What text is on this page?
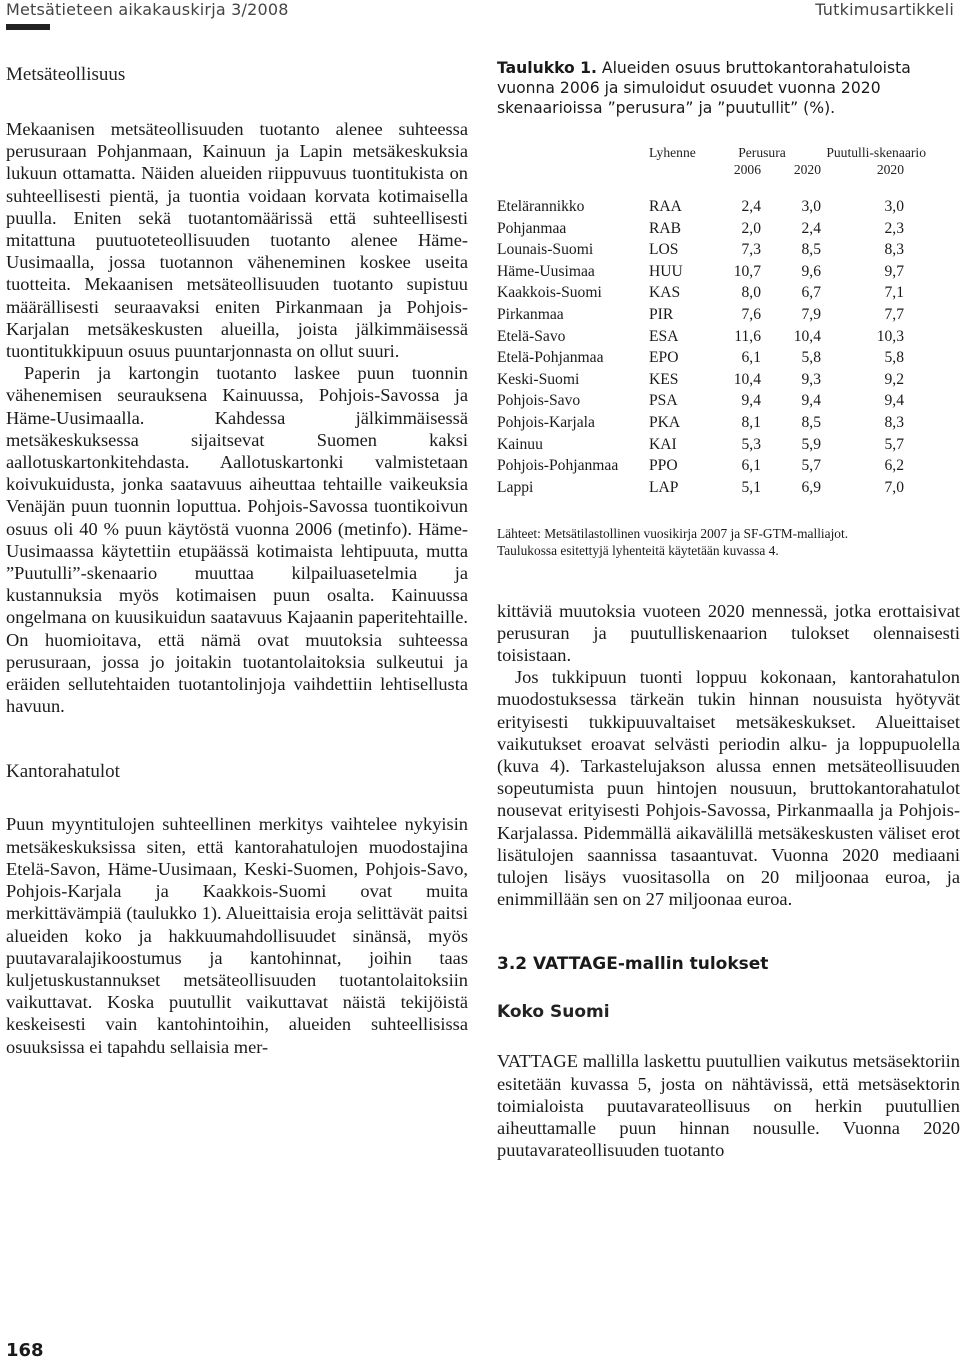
Metsätieteen aikakauskirja 3/2008	Tutkimusartikkeli
Metsäteollisuus

Mekaanisen metsäteollisuuden tuotanto alenee suhteessa perusuraan Pohjanmaan, Kainuun ja Lapin metsäkeskuksia lukuun ottamatta. Näiden alueiden riippuvuus tuontitukista on suhteellisesti pientä, ja tuontia voidaan korvata kotimaisella puulla. Eniten sekä tuotantomäärissä että suhteellisesti mitattuna puutuoteteollisuuden tuotanto alenee Häme-Uusimaalla, jossa tuotannon väheneminen koskee useita tuotteita. Mekaanisen metsäteollisuuden tuotanto supistuu määrällisesti seuraavaksi eniten Pirkanmaan ja Pohjois-Karjalan metsäkeskusten alueilla, joista jälkimmäisessä tuontitukkipuun osuus puuntarjonnasta on ollut suuri.

Paperin ja kartongin tuotanto laskee puun tuonnin vähenemisen seurauksena Kainuussa, Pohjois-Savossa ja Häme-Uusimaalla. Kahdessa jälkimmäisessä metsäkeskuksessa sijaitsevat Suomen kaksi aallotuskartonkitehdasta. Aallotuskartonki valmistetaan koivukuidusta, jonka saatavuus aiheuttaa tehtaille vaikeuksia Venäjän puun tuonnin loputtua. Pohjois-Savossa tuontikoivun osuus oli 40 % puun käytöstä vuonna 2006 (metinfo). Häme-Uusimaassa käytettiin etupäässä kotimaista lehtipuuta, mutta ”Puutulli”-skenaario muuttaa kilpailuasetelmia ja kustannuksia myös kotimaisen puun osalta. Kainuussa ongelmana on kuusikuidun saatavuus Kajaanin paperitehtaille. On huomioitava, että nämä ovat muutoksia suhteessa perusuraan, jossa jo joitakin tuotantolaitoksia sulkeutui ja eräiden sellutehtaiden tuotantolinjoja vaihdettiin lehtisellusta havuun.

Kantorahatulot

Puun myyntitulojen suhteellinen merkitys vaihtelee nykyisin metsäkeskuksissa siten, että kantorahatulojen muodostajina Etelä-Savon, Häme-Uusimaan, Keski-Suomen, Pohjois-Savo, Pohjois-Karjala ja Kaakkois-Suomi ovat muita merkittävämpiä (taulukko 1). Alueittaisia eroja selittävät paitsi alueiden koko ja hakkuumahdollisuudet sinänsä, myös puutavaralajikoostumus ja kantohinnat, joihin taas kuljetuskustannukset metsäteollisuuden tuotantolaitoksiin vaikuttavat. Koska puutullit vaikuttavat näistä tekijöistä keskeisesti vain kantohintoihin, alueiden suhteellisissa osuuksissa ei tapahdu sellaisia mer-

Taulukko 1. Alueiden osuus bruttokantorahatuloista vuonna 2006 ja simuloidut osuudet vuonna 2020 skenaarioissa ”perusura” ja ”puutullit” (%).

	Lyhenne	Perusura		Puutulli-skenaario
		2006	2020	2020

Etelärannikko	RAA	2,4	3,0	3,0
Pohjanmaa	RAB	2,0	2,4	2,3
Lounais-Suomi	LOS	7,3	8,5	8,3
Häme-Uusimaa	HUU	10,7	9,6	9,7
Kaakkois-Suomi	KAS	8,0	6,7	7,1
Pirkanmaa	PIR	7,6	7,9	7,7
Etelä-Savo	ESA	11,6	10,4	10,3
Etelä-Pohjanmaa	EPO	6,1	5,8	5,8
Keski-Suomi	KES	10,4	9,3	9,2
Pohjois-Savo	PSA	9,4	9,4	9,4
Pohjois-Karjala	PKA	8,1	8,5	8,3
Kainuu	KAI	5,3	5,9	5,7
Pohjois-Pohjanmaa	PPO	6,1	5,7	6,2
Lappi	LAP	5,1	6,9	7,0

Lähteet: Metsätilastollinen vuosikirja 2007 ja SF-GTM-malliajot.

Taulukossa esitettyjä lyhenteitä käytetään kuvassa 4.

kittäviä muutoksia vuoteen 2020 mennessä, jotka erottaisivat perusuran ja puutulliskenaarion tulokset olennaisesti toisistaan.

Jos tukkipuun tuonti loppuu kokonaan, kantorahatulon muodostuksessa tärkeän tukin hinnan nousuista hyötyvät erityisesti tukkipuuvaltaiset metsäkeskukset. Alueittaiset vaikutukset eroavat selvästi periodin alku- ja loppupuolella (kuva 4). Tarkastelujakson alussa ennen metsäteollisuuden sopeutumista puun hintojen nousuun, bruttokantorahatulot nousevat erityisesti Pohjois-Savossa, Pirkanmaalla ja Pohjois-Karjalassa. Pidemmällä aikavälillä metsäkeskusten väliset erot lisätulojen saannissa tasaantuvat. Vuonna 2020 mediaani tulojen lisäys vuositasolla on 20 miljoonaa euroa, ja enimmillään sen on 27 miljoonaa euroa.

3.2 VATTAGE-mallin tulokset
Koko Suomi

VATTAGE mallilla laskettu puutullien vaikutus metsäsektoriin esitetään kuvassa 5, josta on nähtävissä, että metsäsektorin toimialoista puutavarateollisuus on herkin puutullien aiheuttamalle puun hinnan nousulle. Vuonna 2020 puutavarateollisuuden tuotanto

168
